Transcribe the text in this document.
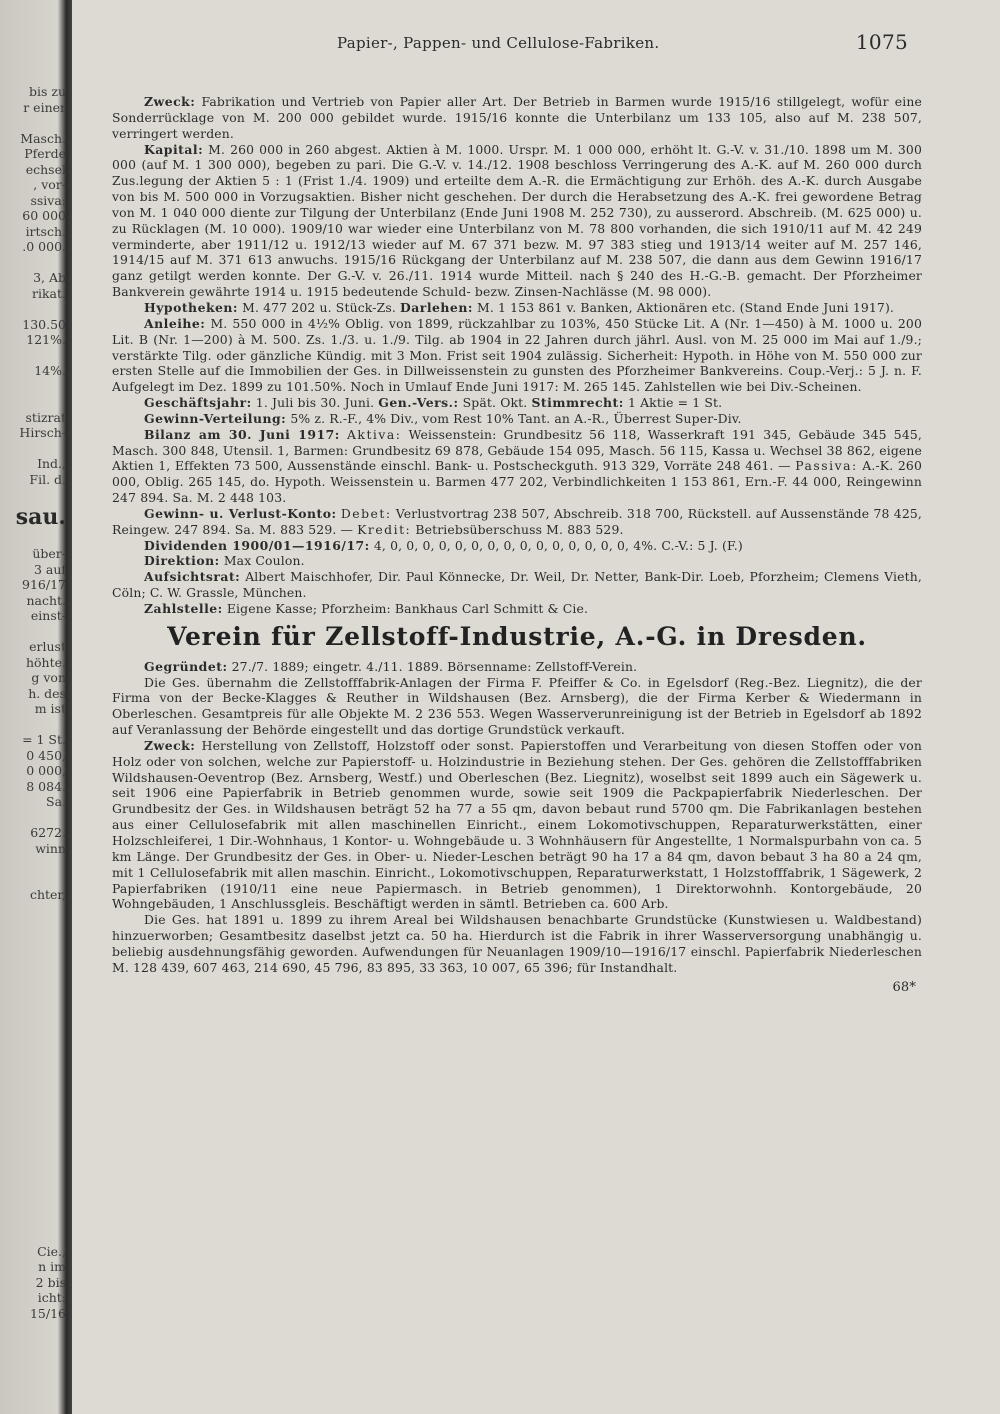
bis zu
r einer
Masch.
Pferde
echsel
, vor-
ssiva:
60 000
irtsch.
.0 000.
3, Ab
rikat.
130.50
121%.
14%.
stizrat
Hirsch-
Ind.,
Fil. d.
sau.
über-
3 auf
916/17
nacht.
einst-
erlust
höhte.
g von
h. des
m ist
= 1 St.
0 450,
0 000,
8 084.
Sa.
6272.
winn
chter,
Cie.,
n im
2 bis
icht:
15/16
Papier-, Pappen- und Cellulose-Fabriken.	1075

Zweck: Fabrikation und Vertrieb von Papier aller Art. Der Betrieb in Barmen wurde 1915/16 stillgelegt, wofür eine Sonderrücklage von M. 200 000 gebildet wurde. 1915/16 konnte die Unterbilanz um 133 105, also auf M. 238 507, verringert werden.

Kapital: M. 260 000 in 260 abgest. Aktien à M. 1000. Urspr. M. 1 000 000, erhöht lt. G.-V. v. 31./10. 1898 um M. 300 000 (auf M. 1 300 000), begeben zu pari. Die G.-V. v. 14./12. 1908 beschloss Verringerung des A.-K. auf M. 260 000 durch Zus.legung der Aktien 5 : 1 (Frist 1./4. 1909) und erteilte dem A.-R. die Ermächtigung zur Erhöh. des A.-K. durch Ausgabe von bis M. 500 000 in Vorzugsaktien. Bisher nicht geschehen. Der durch die Herabsetzung des A.-K. frei gewordene Betrag von M. 1 040 000 diente zur Tilgung der Unterbilanz (Ende Juni 1908 M. 252 730), zu ausserord. Abschreib. (M. 625 000) u. zu Rücklagen (M. 10 000). 1909/10 war wieder eine Unterbilanz von M. 78 800 vorhanden, die sich 1910/11 auf M. 42 249 verminderte, aber 1911/12 u. 1912/13 wieder auf M. 67 371 bezw. M. 97 383 stieg und 1913/14 weiter auf M. 257 146, 1914/15 auf M. 371 613 anwuchs. 1915/16 Rückgang der Unterbilanz auf M. 238 507, die dann aus dem Gewinn 1916/17 ganz getilgt werden konnte. Der G.-V. v. 26./11. 1914 wurde Mitteil. nach § 240 des H.-G.-B. gemacht. Der Pforzheimer Bankverein gewährte 1914 u. 1915 bedeutende Schuld- bezw. Zinsen-Nachlässe (M. 98 000).

Hypotheken: M. 477 202 u. Stück-Zs. Darlehen: M. 1 153 861 v. Banken, Aktionären etc. (Stand Ende Juni 1917).

Anleihe: M. 550 000 in 4½% Oblig. von 1899, rückzahlbar zu 103%, 450 Stücke Lit. A (Nr. 1—450) à M. 1000 u. 200 Lit. B (Nr. 1—200) à M. 500. Zs. 1./3. u. 1./9. Tilg. ab 1904 in 22 Jahren durch jährl. Ausl. von M. 25 000 im Mai auf 1./9.; verstärkte Tilg. oder gänzliche Kündig. mit 3 Mon. Frist seit 1904 zulässig. Sicherheit: Hypoth. in Höhe von M. 550 000 zur ersten Stelle auf die Immobilien der Ges. in Dillweissenstein zu gunsten des Pforzheimer Bankvereins. Coup.-Verj.: 5 J. n. F. Aufgelegt im Dez. 1899 zu 101.50%. Noch in Umlauf Ende Juni 1917: M. 265 145. Zahlstellen wie bei Div.-Scheinen.

Geschäftsjahr: 1. Juli bis 30. Juni. Gen.-Vers.: Spät. Okt. Stimmrecht: 1 Aktie = 1 St.

Gewinn-Verteilung: 5% z. R.-F., 4% Div., vom Rest 10% Tant. an A.-R., Überrest Super-Div.

Bilanz am 30. Juni 1917: Aktiva: Weissenstein: Grundbesitz 56 118, Wasserkraft 191 345, Gebäude 345 545, Masch. 300 848, Utensil. 1, Barmen: Grundbesitz 69 878, Gebäude 154 095, Masch. 56 115, Kassa u. Wechsel 38 862, eigene Aktien 1, Effekten 73 500, Aussenstände einschl. Bank- u. Postscheckguth. 913 329, Vorräte 248 461. — Passiva: A.-K. 260 000, Oblig. 265 145, do. Hypoth. Weissenstein u. Barmen 477 202, Verbindlichkeiten 1 153 861, Ern.-F. 44 000, Reingewinn 247 894. Sa. M. 2 448 103.

Gewinn- u. Verlust-Konto: Debet: Verlustvortrag 238 507, Abschreib. 318 700, Rückstell. auf Aussenstände 78 425, Reingew. 247 894. Sa. M. 883 529. — Kredit: Betriebsüberschuss M. 883 529.

Dividenden 1900/01—1916/17: 4, 0, 0, 0, 0, 0, 0, 0, 0, 0, 0, 0, 0, 0, 0, 0, 4%. C.-V.: 5 J. (F.)

Direktion: Max Coulon.

Aufsichtsrat: Albert Maischhofer, Dir. Paul Könnecke, Dr. Weil, Dr. Netter, Bank-Dir. Loeb, Pforzheim; Clemens Vieth, Cöln; C. W. Grassle, München.

Zahlstelle: Eigene Kasse; Pforzheim: Bankhaus Carl Schmitt & Cie.

Verein für Zellstoff-Industrie, A.-G. in Dresden.

Gegründet: 27./7. 1889; eingetr. 4./11. 1889. Börsenname: Zellstoff-Verein.

Die Ges. übernahm die Zellstofffabrik-Anlagen der Firma F. Pfeiffer & Co. in Egelsdorf (Reg.-Bez. Liegnitz), die der Firma von der Becke-Klagges & Reuther in Wildshausen (Bez. Arnsberg), die der Firma Kerber & Wiedermann in Oberleschen. Gesamtpreis für alle Objekte M. 2 236 553. Wegen Wasserverunreinigung ist der Betrieb in Egelsdorf ab 1892 auf Veranlassung der Behörde eingestellt und das dortige Grundstück verkauft.

Zweck: Herstellung von Zellstoff, Holzstoff oder sonst. Papierstoffen und Verarbeitung von diesen Stoffen oder von Holz oder von solchen, welche zur Papierstoff- u. Holzindustrie in Beziehung stehen. Der Ges. gehören die Zellstofffabriken Wildshausen-Oeventrop (Bez. Arnsberg, Westf.) und Oberleschen (Bez. Liegnitz), woselbst seit 1899 auch ein Sägewerk u. seit 1906 eine Papierfabrik in Betrieb genommen wurde, sowie seit 1909 die Packpapierfabrik Niederleschen. Der Grundbesitz der Ges. in Wildshausen beträgt 52 ha 77 a 55 qm, davon bebaut rund 5700 qm. Die Fabrikanlagen bestehen aus einer Cellulosefabrik mit allen maschinellen Einricht., einem Lokomotivschuppen, Reparaturwerkstätten, einer Holzschleiferei, 1 Dir.-Wohnhaus, 1 Kontor- u. Wohngebäude u. 3 Wohnhäusern für Angestellte, 1 Normalspurbahn von ca. 5 km Länge. Der Grundbesitz der Ges. in Ober- u. Nieder-Leschen beträgt 90 ha 17 a 84 qm, davon bebaut 3 ha 80 a 24 qm, mit 1 Cellulosefabrik mit allen maschin. Einricht., Lokomotivschuppen, Reparaturwerkstatt, 1 Holzstofffabrik, 1 Sägewerk, 2 Papierfabriken (1910/11 eine neue Papiermasch. in Betrieb genommen), 1 Direktorwohnh. Kontorgebäude, 20 Wohngebäuden, 1 Anschlussgleis. Beschäftigt werden in sämtl. Betrieben ca. 600 Arb.

Die Ges. hat 1891 u. 1899 zu ihrem Areal bei Wildshausen benachbarte Grundstücke (Kunstwiesen u. Waldbestand) hinzuerworben; Gesamtbesitz daselbst jetzt ca. 50 ha. Hierdurch ist die Fabrik in ihrer Wasserversorgung unabhängig u. beliebig ausdehnungsfähig geworden. Aufwendungen für Neuanlagen 1909/10—1916/17 einschl. Papierfabrik Niederleschen M. 128 439, 607 463, 214 690, 45 796, 83 895, 33 363, 10 007, 65 396; für Instandhalt.

68*
